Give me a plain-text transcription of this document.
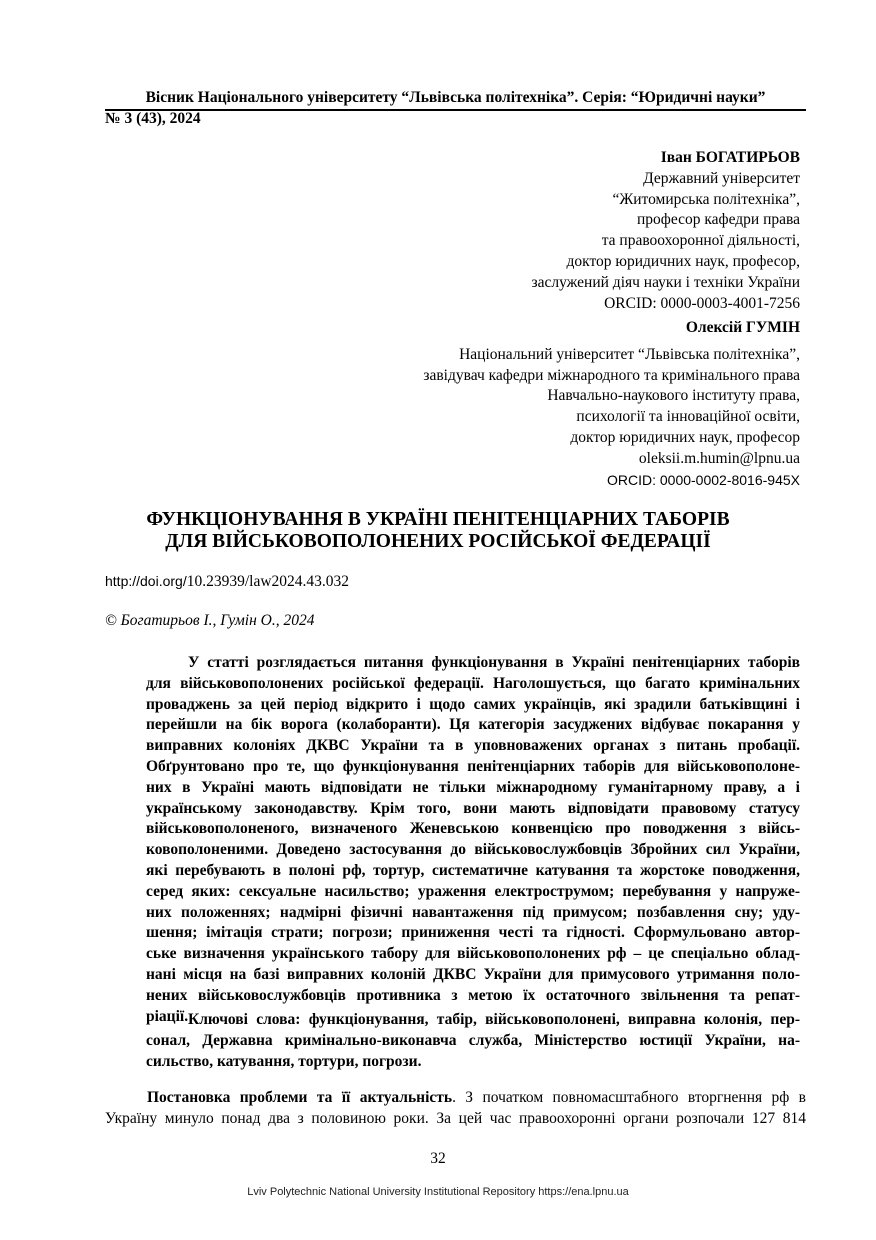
Вісник Національного університету “Львівська політехніка”. Серія: “Юридичні науки”
№ 3 (43), 2024
Іван БОГАТИРЬОВ
Державний університет
“Житомирська політехніка”,
професор кафедри права
та правоохоронної діяльності,
доктор юридичних наук, професор,
заслужений діяч науки і техніки України
ORCID: 0000-0003-4001-7256
Олексій ГУМІН
Національний університет “Львівська політехніка”,
завідувач кафедри міжнародного та кримінального права
Навчально-наукового інституту права,
психології та інноваційної освіти,
доктор юридичних наук, професор
oleksii.m.humin@lpnu.ua
ORCID: 0000-0002-8016-945X
ФУНКЦІОНУВАННЯ В УКРАЇНІ ПЕНІТЕНЦІАРНИХ ТАБОРІВ
ДЛЯ ВІЙСЬКОВОПОЛОНЕНИХ РОСІЙСЬКОЇ ФЕДЕРАЦІЇ
http://doi.org/10.23939/law2024.43.032
© Богатирьов І., Гумін О., 2024
У статті розглядається питання функціонування в Україні пенітенціарних таборів
для військовополонених російської федерації. Наголошується, що багато кримінальних
проваджень за цей період відкрито і щодо самих українців, які зрадили батьківщині і
перейшли на бік ворога (колаборанти). Ця категорія засуджених відбуває покарання у
виправних колоніях ДКВС України та в уповноважених органах з питань пробації.
Обґрунтовано про те, що функціонування пенітенціарних таборів для військовополоне-
них в Україні мають відповідати не тільки міжнародному гуманітарному праву, а і
українському законодавству. Крім того, вони мають відповідати правовому статусу
військовополоненого, визначеного Женевською конвенцією про поводження з війсь-
ковополоненими. Доведено застосування до військовослужбовців Збройних сил України,
які перебувають в полоні рф, тортур, систематичне катування та жорстоке поводження,
серед яких: сексуальне насильство; ураження електрострумом; перебування у напруже-
них положеннях; надмірні фізичні навантаження під примусом; позбавлення сну; уду-
шення; імітація страти; погрози; приниження честі та гідності. Сформульовано автор-
ське визначення українського табору для військовополонених рф – це спеціально облад-
нані місця на базі виправних колоній ДКВС України для примусового утримання поло-
нених військовослужбовців противника з метою їх остаточного звільнення та репат-
ріації. Ключові слова: функціонування, табір, військовополонені, виправна колонія, пер-
сонал, Державна кримінально-виконавча служба, Міністерство юстиції України, на-
сильство, катування, тортури, погрози.
Постановка проблеми та її актуальність. З початком повномасштабного вторгнення рф в
Україну минуло понад два з половиною роки. За цей час правоохоронні органи розпочали 127 814
32
Lviv Polytechnic National University Institutional Repository https://ena.lpnu.ua
